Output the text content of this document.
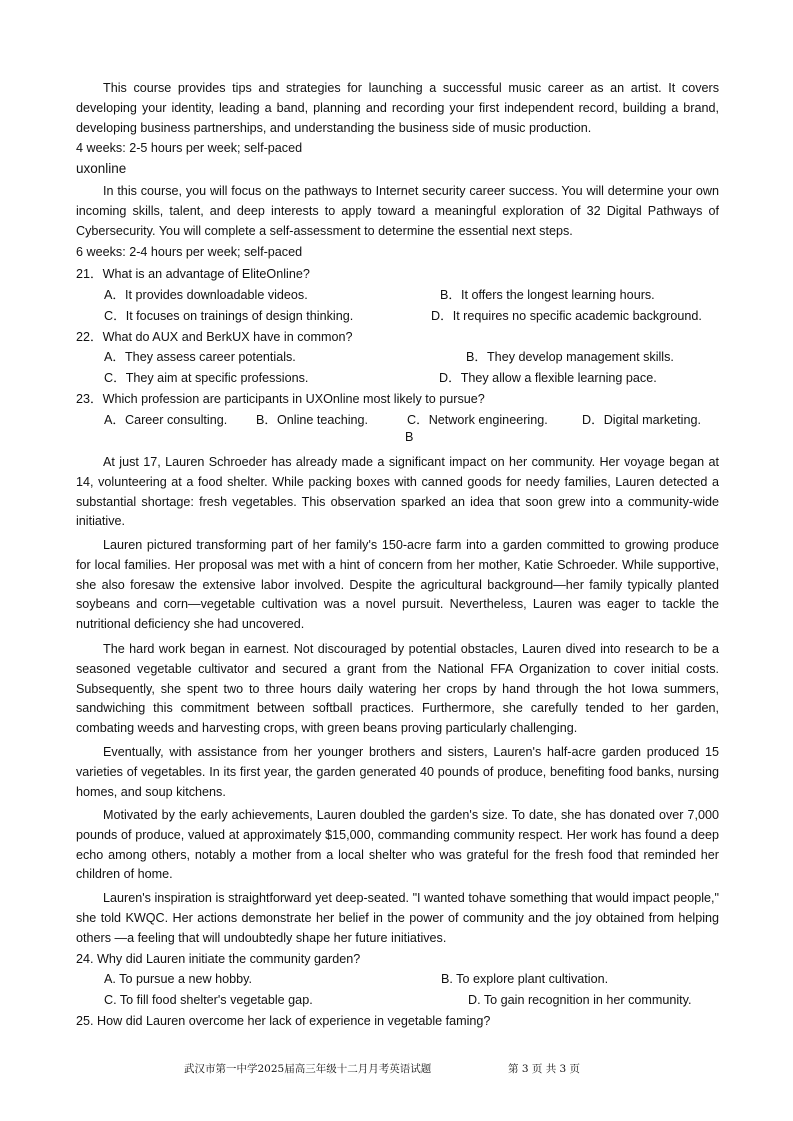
This course provides tips and strategies for launching a successful music career as an artist. It covers developing your identity, leading a band, planning and recording your first independent record, building a brand, developing business partnerships, and understanding the business side of music production.

4 weeks: 2-5 hours per week; self-paced

uxonline

In this course, you will focus on the pathways to Internet security career success. You will determine your own incoming skills, talent, and deep interests to apply toward a meaningful exploration of 32 Digital Pathways of Cybersecurity. You will complete a self-assessment to determine the essential next steps.

6 weeks: 2-4 hours per week; self-paced

21．What is an advantage of EliteOnline?

A．It provides downloadable videos.	B．It offers the longest learning hours.
C．It focuses on trainings of design thinking.	D．It requires no specific academic background.

22．What do AUX and BerkUX have in common?

A．They assess career potentials.	B．They develop management skills.
C．They aim at specific professions.	D．They allow a flexible learning pace.

23．Which profession are participants in UXOnline most likely to pursue?

A．Career consulting. B．Online teaching.	C．Network engineering.	D．Digital marketing.
B

At just 17, Lauren Schroeder has already made a significant impact on her community. Her voyage began at 14, volunteering at a food shelter. While packing boxes with canned goods for needy families, Lauren detected a substantial shortage: fresh vegetables. This observation sparked an idea that soon grew into a community-wide initiative.

Lauren pictured transforming part of her family's 150-acre farm into a garden committed to growing produce for local families. Her proposal was met with a hint of concern from her mother, Katie Schroeder. While supportive, she also foresaw the extensive labor involved. Despite the agricultural background—her family typically planted soybeans and corn—vegetable cultivation was a novel pursuit. Nevertheless, Lauren was eager to tackle the nutritional deficiency she had uncovered.

The hard work began in earnest. Not discouraged by potential obstacles, Lauren dived into research to be a seasoned vegetable cultivator and secured a grant from the National FFA Organization to cover initial costs. Subsequently, she spent two to three hours daily watering her crops by hand through the hot Iowa summers, sandwiching this commitment between softball practices. Furthermore, she carefully tended to her garden, combating weeds and harvesting crops, with green beans proving particularly challenging.

Eventually, with assistance from her younger brothers and sisters, Lauren's half-acre garden produced 15 varieties of vegetables. In its first year, the garden generated 40 pounds of produce, benefiting food banks, nursing homes, and soup kitchens.

Motivated by the early achievements, Lauren doubled the garden's size. To date, she has donated over 7,000 pounds of produce, valued at approximately $15,000, commanding community respect. Her work has found a deep echo among others, notably a mother from a local shelter who was grateful for the fresh food that reminded her children of home.

Lauren's inspiration is straightforward yet deep-seated. "I wanted tohave something that would impact people," she told KWQC. Her actions demonstrate her belief in the power of community and the joy obtained from helping others —a feeling that will undoubtedly shape her future initiatives.

24. Why did Lauren initiate the community garden?

A. To pursue a new hobby.	B. To explore plant cultivation.
C. To fill food shelter's vegetable gap.	D. To gain recognition in her community.

25. How did Lauren overcome her lack of experience in vegetable faming?

武汉市第一中学2025届高三年级十二月月考英语试题	第 3 页 共 3 页
